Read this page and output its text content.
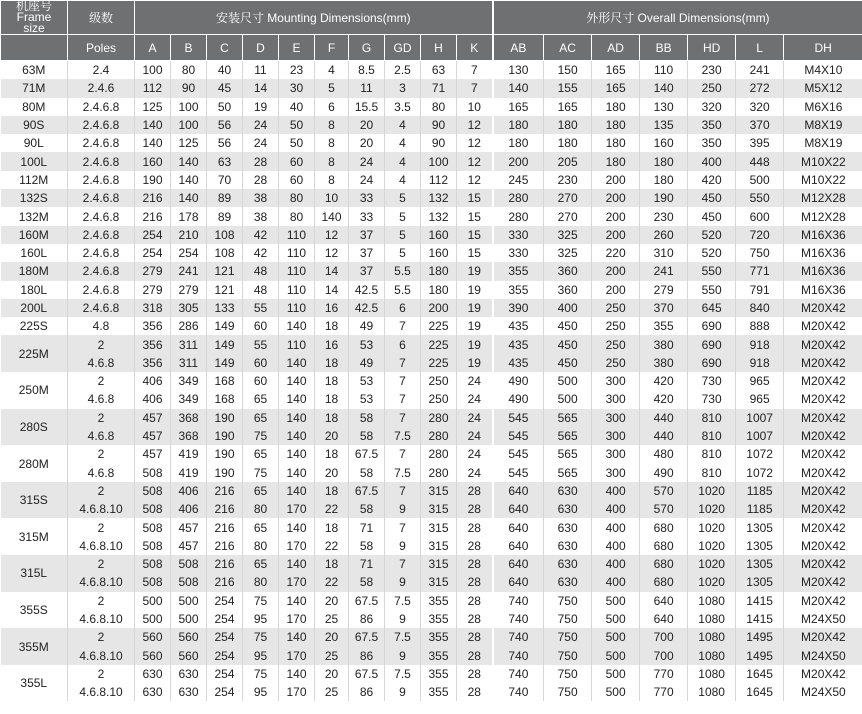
机座号
Frame size	级数	安装尺寸 Mounting Dimensions(mm)										外形尺寸 Overall Dimensions(mm)						
	Poles	A	B	C	D	E	F	G	GD	H	K	AB	AC	AD	BB	HD	L	DH
63M	2.4	100	80	40	11	23	4	8.5	2.5	63	7	130	150	165	110	230	241	M4X10
71M	2.4.6	112	90	45	14	30	5	11	3	71	7	140	155	165	140	250	272	M5X12
80M	2.4.6.8	125	100	50	19	40	6	15.5	3.5	80	10	165	165	180	130	320	320	M6X16
90S	2.4.6.8	140	100	56	24	50	8	20	4	90	12	180	180	180	135	350	370	M8X19
90L	2.4.6.8	140	125	56	24	50	8	20	4	90	12	180	180	180	160	350	395	M8X19
100L	2.4.6.8	160	140	63	28	60	8	24	4	100	12	200	205	180	180	400	448	M10X22
112M	2.4.6.8	190	140	70	28	60	8	24	4	112	12	245	230	200	180	420	500	M10X22
132S	2.4.6.8	216	140	89	38	80	10	33	5	132	15	280	270	200	190	450	550	M12X28
132M	2.4.6.8	216	178	89	38	80	140	33	5	132	15	280	270	200	230	450	600	M12X28
160M	2.4.6.8	254	210	108	42	110	12	37	5	160	15	330	325	200	260	520	720	M16X36
160L	2.4.6.8	254	254	108	42	110	12	37	5	160	15	330	325	220	310	520	750	M16X36
180M	2.4.6.8	279	241	121	48	110	14	37	5.5	180	19	355	360	200	241	550	771	M16X36
180L	2.4.6.8	279	279	121	48	110	14	42.5	5.5	180	19	355	360	200	279	550	791	M16X36
200L	2.4.6.8	318	305	133	55	110	16	42.5	6	200	19	390	400	250	370	645	840	M20X42
225S	4.8	356	286	149	60	140	18	49	7	225	19	435	450	250	355	690	888	M20X42
225M	2	356	311	149	55	110	16	53	6	225	19	435	450	250	380	690	918	M20X42
	4.6.8	356	311	149	60	140	18	49	7	225	19	435	450	250	380	690	918	M20X42
250M	2	406	349	168	60	140	18	53	7	250	24	490	500	300	420	730	965	M20X42
	4.6.8	406	349	168	65	140	18	53	7	250	24	490	500	300	420	730	965	M20X42
280S	2	457	368	190	65	140	18	58	7	280	24	545	565	300	440	810	1007	M20X42
	4.6.8	457	368	190	75	140	20	58	7.5	280	24	545	565	300	440	810	1007	M20X42
280M	2	457	419	190	65	140	18	67.5	7	280	24	545	565	300	480	810	1072	M20X42
	4.6.8	508	419	190	75	140	20	58	7.5	280	24	545	565	300	490	810	1072	M20X42
315S	2	508	406	216	65	140	18	67.5	7	315	28	640	630	400	570	1020	1185	M20X42
	4.6.8.10	508	406	216	80	170	22	58	9	315	28	640	630	400	570	1020	1185	M20X42
315M	2	508	457	216	65	140	18	71	7	315	28	640	630	400	680	1020	1305	M20X42
	4.6.8.10	508	457	216	80	170	22	58	9	315	28	640	630	400	680	1020	1305	M20X42
315L	2	508	508	216	65	140	18	71	7	315	28	640	630	400	680	1020	1305	M20X42
	4.6.8.10	508	508	216	80	170	22	58	9	315	28	640	630	400	680	1020	1305	M20X42
355S	2	500	500	254	75	140	20	67.5	7.5	355	28	740	750	500	640	1080	1415	M20X42
	4.6.8.10	500	500	254	95	170	25	86	9	355	28	740	750	500	640	1080	1415	M24X50
355M	2	560	560	254	75	140	20	67.5	7.5	355	28	740	750	500	700	1080	1495	M20X42
	4.6.8.10	560	560	254	95	170	25	86	9	355	28	740	750	500	700	1080	1495	M24X50
355L	2	630	630	254	75	140	20	67.5	7.5	355	28	740	750	500	770	1080	1645	M20X42
	4.6.8.10	630	630	254	95	170	25	86	9	355	28	740	750	500	770	1080	1645	M24X50
